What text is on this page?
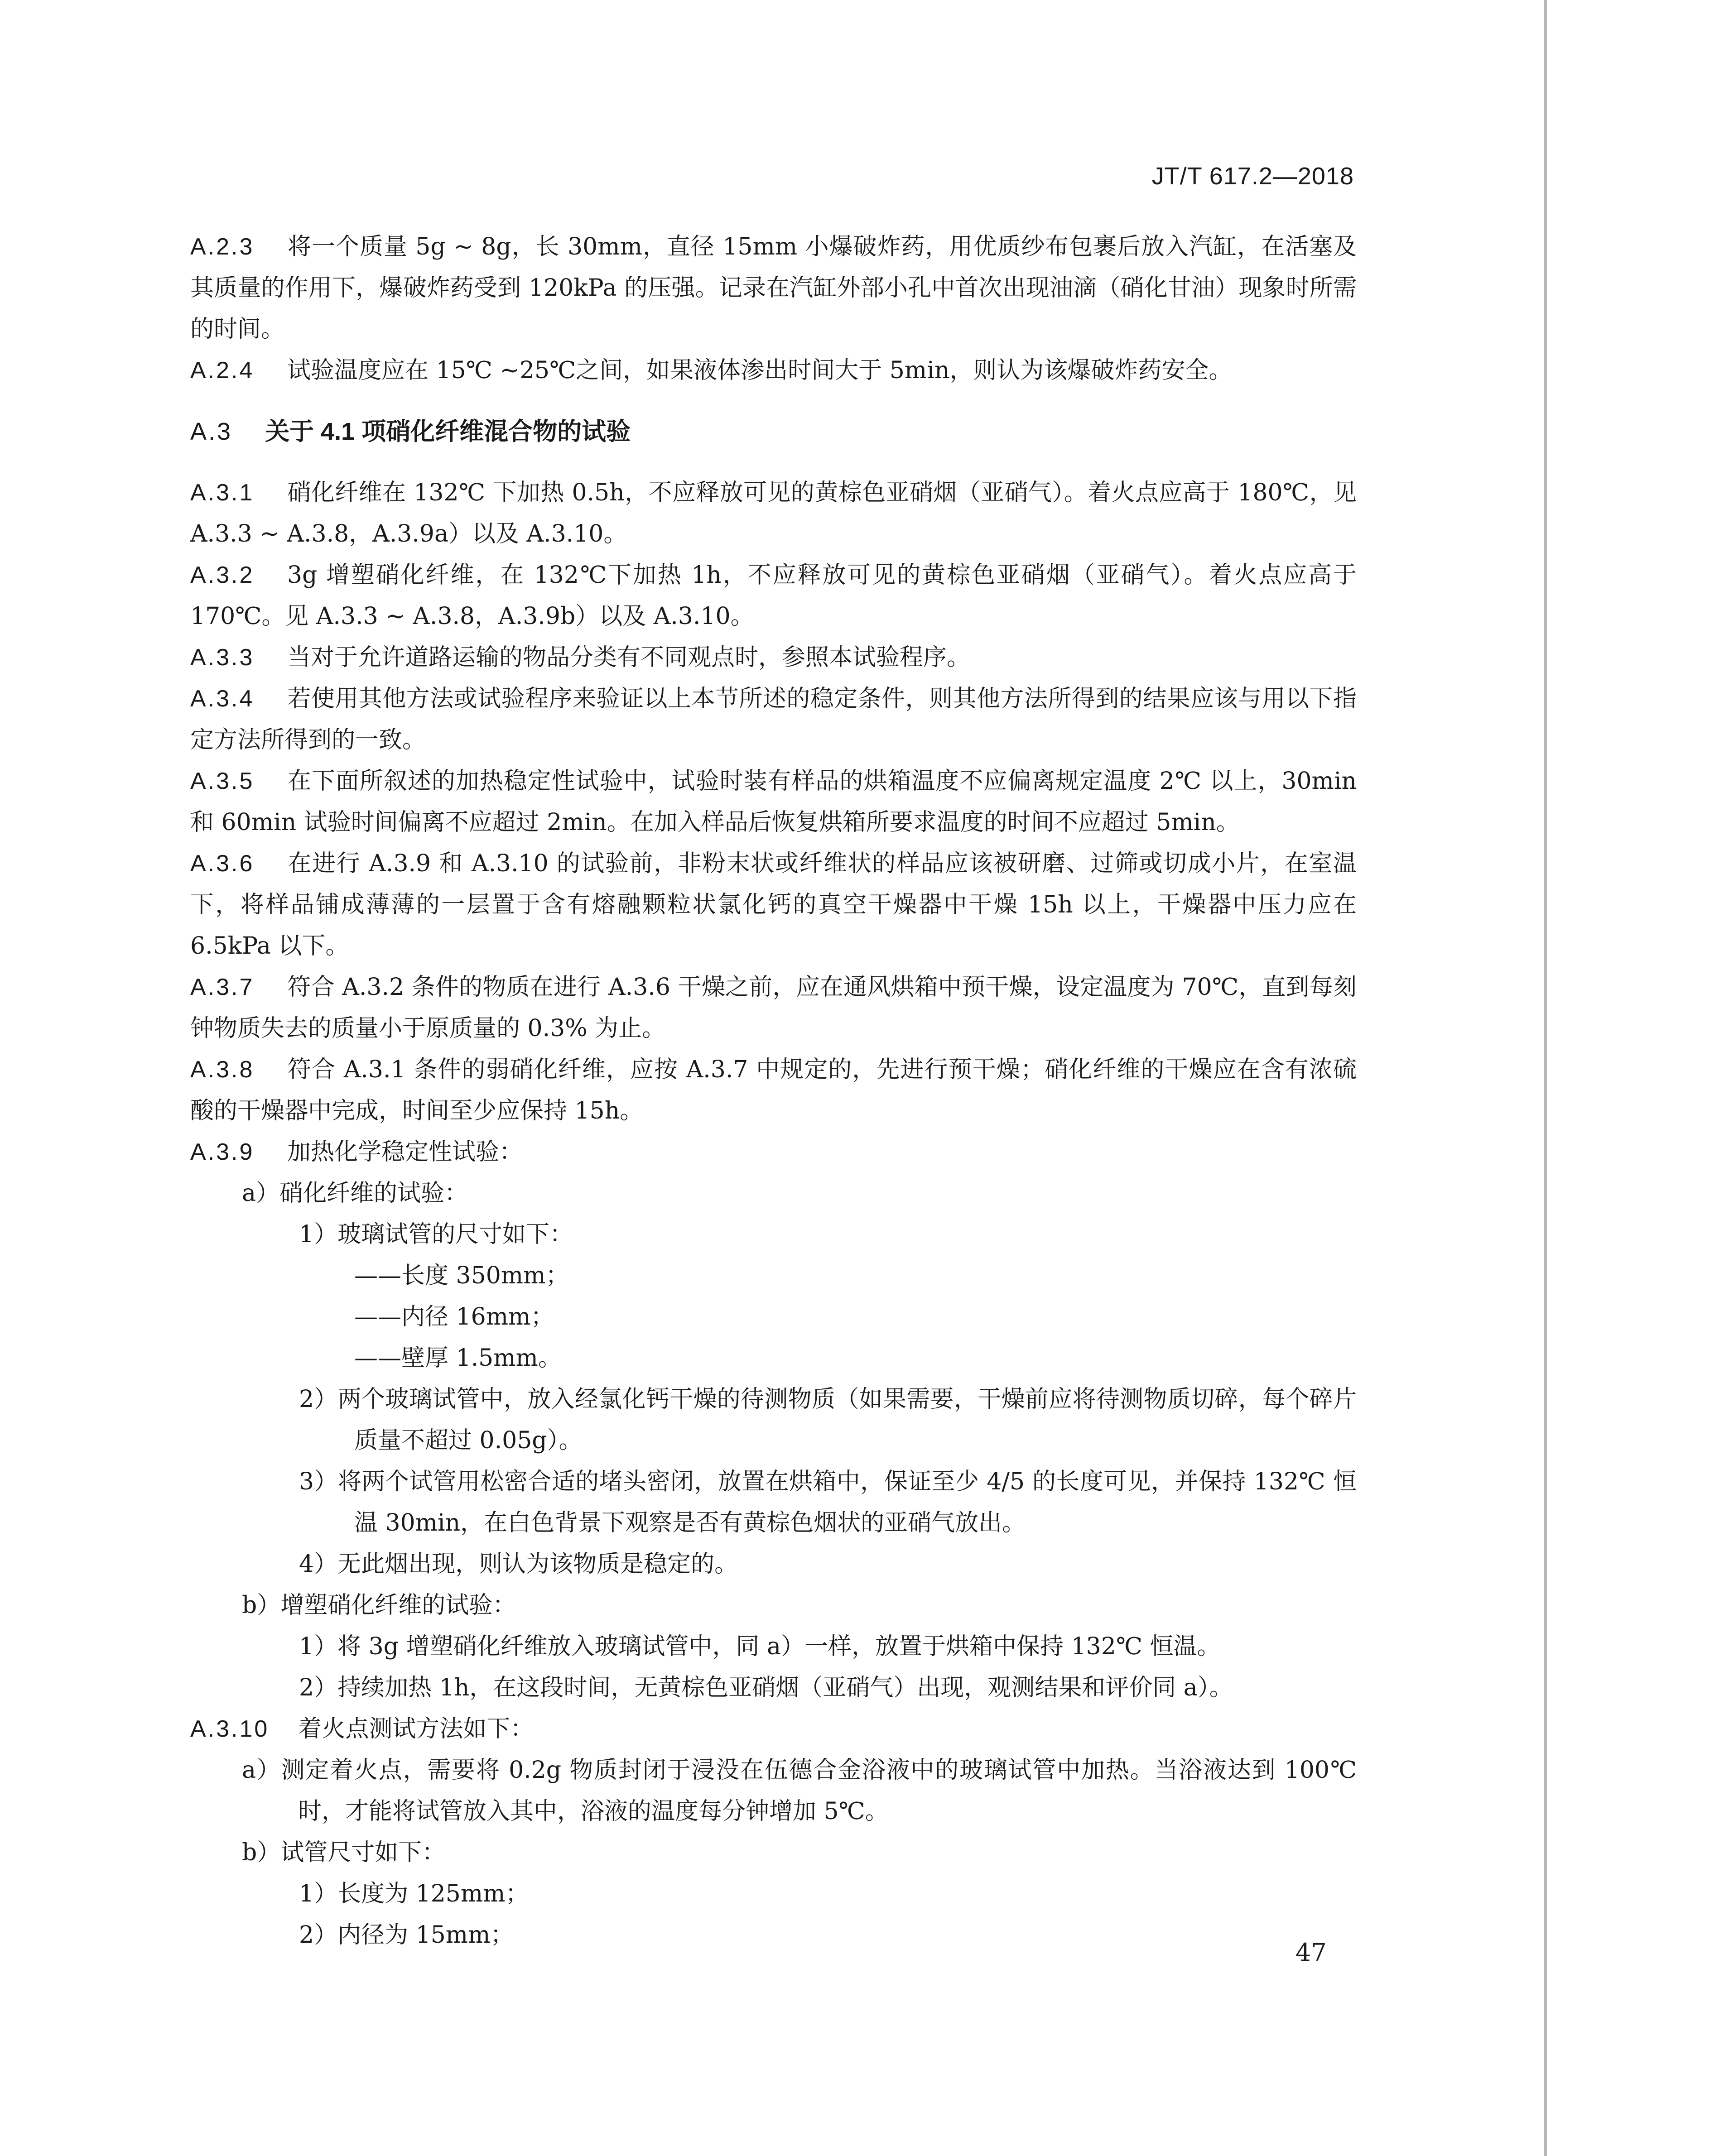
JT/T 617.2—2018

A.2.3 将一个质量 5g ~ 8g，长 30mm，直径 15mm 小爆破炸药，用优质纱布包裹后放入汽缸，在活塞及其质量的作用下，爆破炸药受到 120kPa 的压强。记录在汽缸外部小孔中首次出现油滴（硝化甘油）现象时所需的时间。

A.2.4 试验温度应在 15℃ ~25℃之间，如果液体渗出时间大于 5min，则认为该爆破炸药安全。

A.3 关于 4.1 项硝化纤维混合物的试验

A.3.1 硝化纤维在 132℃ 下加热 0.5h，不应释放可见的黄棕色亚硝烟（亚硝气）。着火点应高于 180℃，见 A.3.3 ~ A.3.8，A.3.9a）以及 A.3.10。

A.3.2 3g 增塑硝化纤维，在 132℃下加热 1h，不应释放可见的黄棕色亚硝烟（亚硝气）。着火点应高于 170℃。见 A.3.3 ~ A.3.8，A.3.9b）以及 A.3.10。

A.3.3 当对于允许道路运输的物品分类有不同观点时，参照本试验程序。

A.3.4 若使用其他方法或试验程序来验证以上本节所述的稳定条件，则其他方法所得到的结果应该与用以下指定方法所得到的一致。

A.3.5 在下面所叙述的加热稳定性试验中，试验时装有样品的烘箱温度不应偏离规定温度 2℃ 以上，30min 和 60min 试验时间偏离不应超过 2min。在加入样品后恢复烘箱所要求温度的时间不应超过 5min。

A.3.6 在进行 A.3.9 和 A.3.10 的试验前，非粉末状或纤维状的样品应该被研磨、过筛或切成小片，在室温下，将样品铺成薄薄的一层置于含有熔融颗粒状氯化钙的真空干燥器中干燥 15h 以上，干燥器中压力应在 6.5kPa 以下。

A.3.7 符合 A.3.2 条件的物质在进行 A.3.6 干燥之前，应在通风烘箱中预干燥，设定温度为 70℃，直到每刻钟物质失去的质量小于原质量的 0.3% 为止。

A.3.8 符合 A.3.1 条件的弱硝化纤维，应按 A.3.7 中规定的，先进行预干燥；硝化纤维的干燥应在含有浓硫酸的干燥器中完成，时间至少应保持 15h。

A.3.9 加热化学稳定性试验：

a）硝化纤维的试验：

1）玻璃试管的尺寸如下：

——长度 350mm；

——内径 16mm；

——壁厚 1.5mm。

2）两个玻璃试管中，放入经氯化钙干燥的待测物质（如果需要，干燥前应将待测物质切碎，每个碎片质量不超过 0.05g）。

3）将两个试管用松密合适的堵头密闭，放置在烘箱中，保证至少 4/5 的长度可见，并保持 132℃ 恒温 30min，在白色背景下观察是否有黄棕色烟状的亚硝气放出。

4）无此烟出现，则认为该物质是稳定的。

b）增塑硝化纤维的试验：

1）将 3g 增塑硝化纤维放入玻璃试管中，同 a）一样，放置于烘箱中保持 132℃ 恒温。

2）持续加热 1h，在这段时间，无黄棕色亚硝烟（亚硝气）出现，观测结果和评价同 a）。

A.3.10 着火点测试方法如下：

a）测定着火点，需要将 0.2g 物质封闭于浸没在伍德合金浴液中的玻璃试管中加热。当浴液达到 100℃ 时，才能将试管放入其中，浴液的温度每分钟增加 5℃。

b）试管尺寸如下：

1）长度为 125mm；

2）内径为 15mm；

47
